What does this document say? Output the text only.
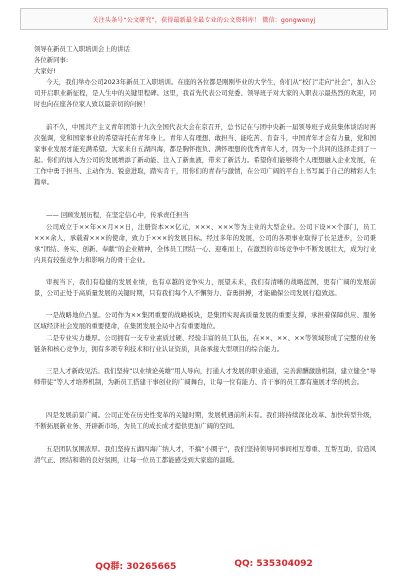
关注头条号“公文研究”，获得最新最全最专业的公文资料库！ 微信：gongwenyj
领导在新员工入职培训会上的讲话
各位新同事:
大家好!

今天，我们举办公司2023年新员工入职培训。在座的各位都是刚刚毕业的大学生，你们从“校门”走向“社会”，加入公司开启职业新征程，是人生中的关键里程碑。这里，我首先代表公司党委、领导班子对大家的入职表示最热烈的欢迎，同时也向在座各位家人致以最亲切的问候！

前不久，中国共产主义青年团第十九次全国代表大会在京召开，总书记在与团中央新一届领导班子成员集体谈话时再次强调，党和国家事业的希望寄托在青年身上。青年人有理想、敢担当、能吃苦、肯奋斗，中国青年才会有力量，党和国家事业发展才能充满希望。大家来自五湖四海，都是胸怀抱负、满怀理想的优秀青年人才，因为一个共同的选择走到了一起。你们的加入为公司的发展增添了新动能、注入了新血液，带来了新活力。希望你们能够将个人理想融入企业发展，在工作中勇于担当、主动作为、锐意进取，踏实肯干，用你们的青春与激情，在公司广阔的平台上书写属于自己的精彩人生篇章。

—— 回顾发展历程，在坚定信心中，传承责任担当

公司成立于××年××月××日，注册资本××亿元，×××、×××等为主业的大型企业。公司下设××个部门，员工×××余人，承载着×××的使命，致力于×××的发展目标。经过多年的发展，公司的各项事业取得了长足进步，公司秉承“团结、务实、创新、奉献”的企业精神，全体员工团结一心、迎难而上，在激烈的市场竞争中不断发展壮大，成为行业内具有较强竞争力和影响力的骨干企业。

审视当下，我们有稳健的发展业绩，也有卓越的竞争实力，展望未来，我们有清晰的战略蓝图，更有广阔的发展前景，公司正处于高质量发展的关键时期，只有我们每个人不懈努力、奋勇拼搏，才能确保公司发展行稳致远。

一是战略地位凸显。公司作为××集团重要的战略板块，是集团实现高质量发展的重要支撑，承担着保障供应、服务区域经济社会发展的重要使命，在集团发展全局中占有重要地位。

二是专业实力雄厚。公司拥有一支专业素质过硬、经验丰富的员工队伍，在××、××、××等领域形成了完整的业务链条和核心竞争力，拥有多项专利技术和行业认证资质，具备承接大型项目的综合能力。

三是人才新政见活。我们坚持“以业绩论英雄”用人导向，打通人才发展的职业通道，完善薪酬激励机制，建立健全“导师带徒”等人才培养机制，为新员工搭建干事创业的广阔舞台，让每一位有能力、肯干事的员工都有施展才华的机会。

四是发展前景广阔。公司正处在历史性变革的关键时期，发展机遇前所未有。我们将持续深化改革、加快转型升级，不断拓展新业务、开辟新市场，为员工的成长成才提供更加广阔的空间。

五是团队氛围浓厚。我们坚持五湖四海广纳人才，不搞“小圈子”，我们坚持领导同事间相互尊重、互帮互助，营造风清气正、团结和谐的良好氛围，让每一位员工都能感受到大家庭的温暖。

QQ群: 30265665	QQ: 535304092
